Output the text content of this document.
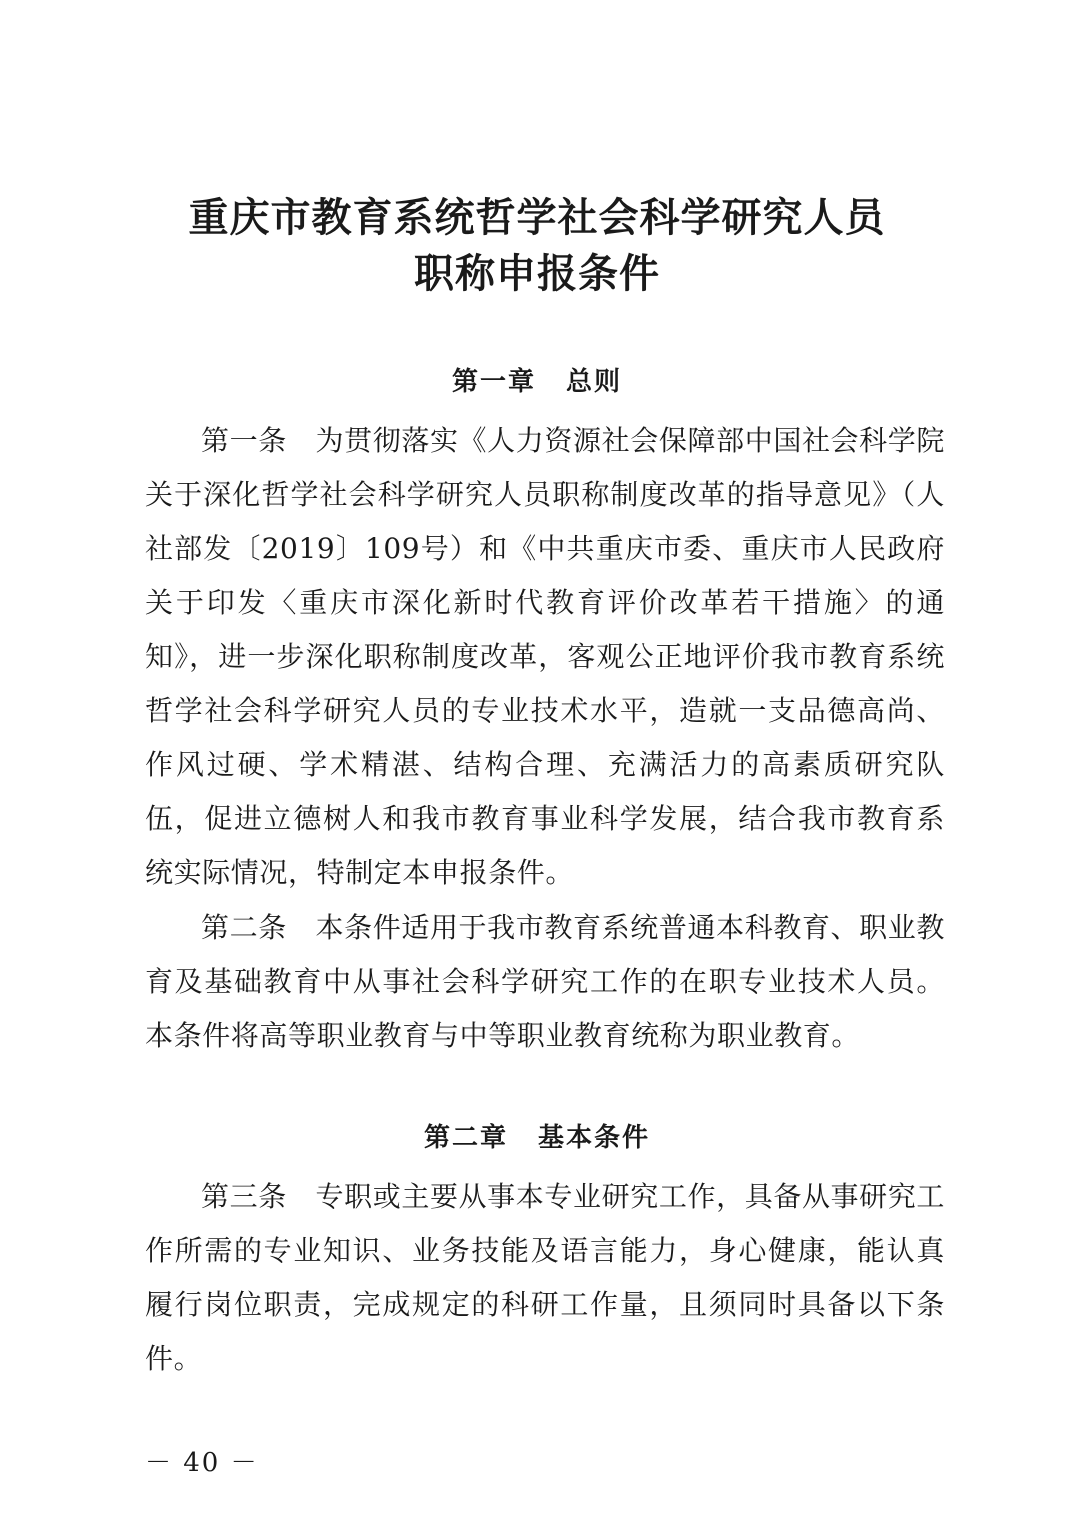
重庆市教育系统哲学社会科学研究人员
职称申报条件
第一章 总则

第一条 为贯彻落实《人力资源社会保障部中国社会科学院关于深化哲学社会科学研究人员职称制度改革的指导意见》（人社部发〔2019〕109号）和《中共重庆市委、重庆市人民政府关于印发〈重庆市深化新时代教育评价改革若干措施〉的通知》，进一步深化职称制度改革，客观公正地评价我市教育系统哲学社会科学研究人员的专业技术水平，造就一支品德高尚、作风过硬、学术精湛、结构合理、充满活力的高素质研究队伍，促进立德树人和我市教育事业科学发展，结合我市教育系统实际情况，特制定本申报条件。

第二条 本条件适用于我市教育系统普通本科教育、职业教育及基础教育中从事社会科学研究工作的在职专业技术人员。本条件将高等职业教育与中等职业教育统称为职业教育。

第二章 基本条件

第三条 专职或主要从事本专业研究工作，具备从事研究工作所需的专业知识、业务技能及语言能力，身心健康，能认真履行岗位职责，完成规定的科研工作量，且须同时具备以下条件。

－ 40 －
